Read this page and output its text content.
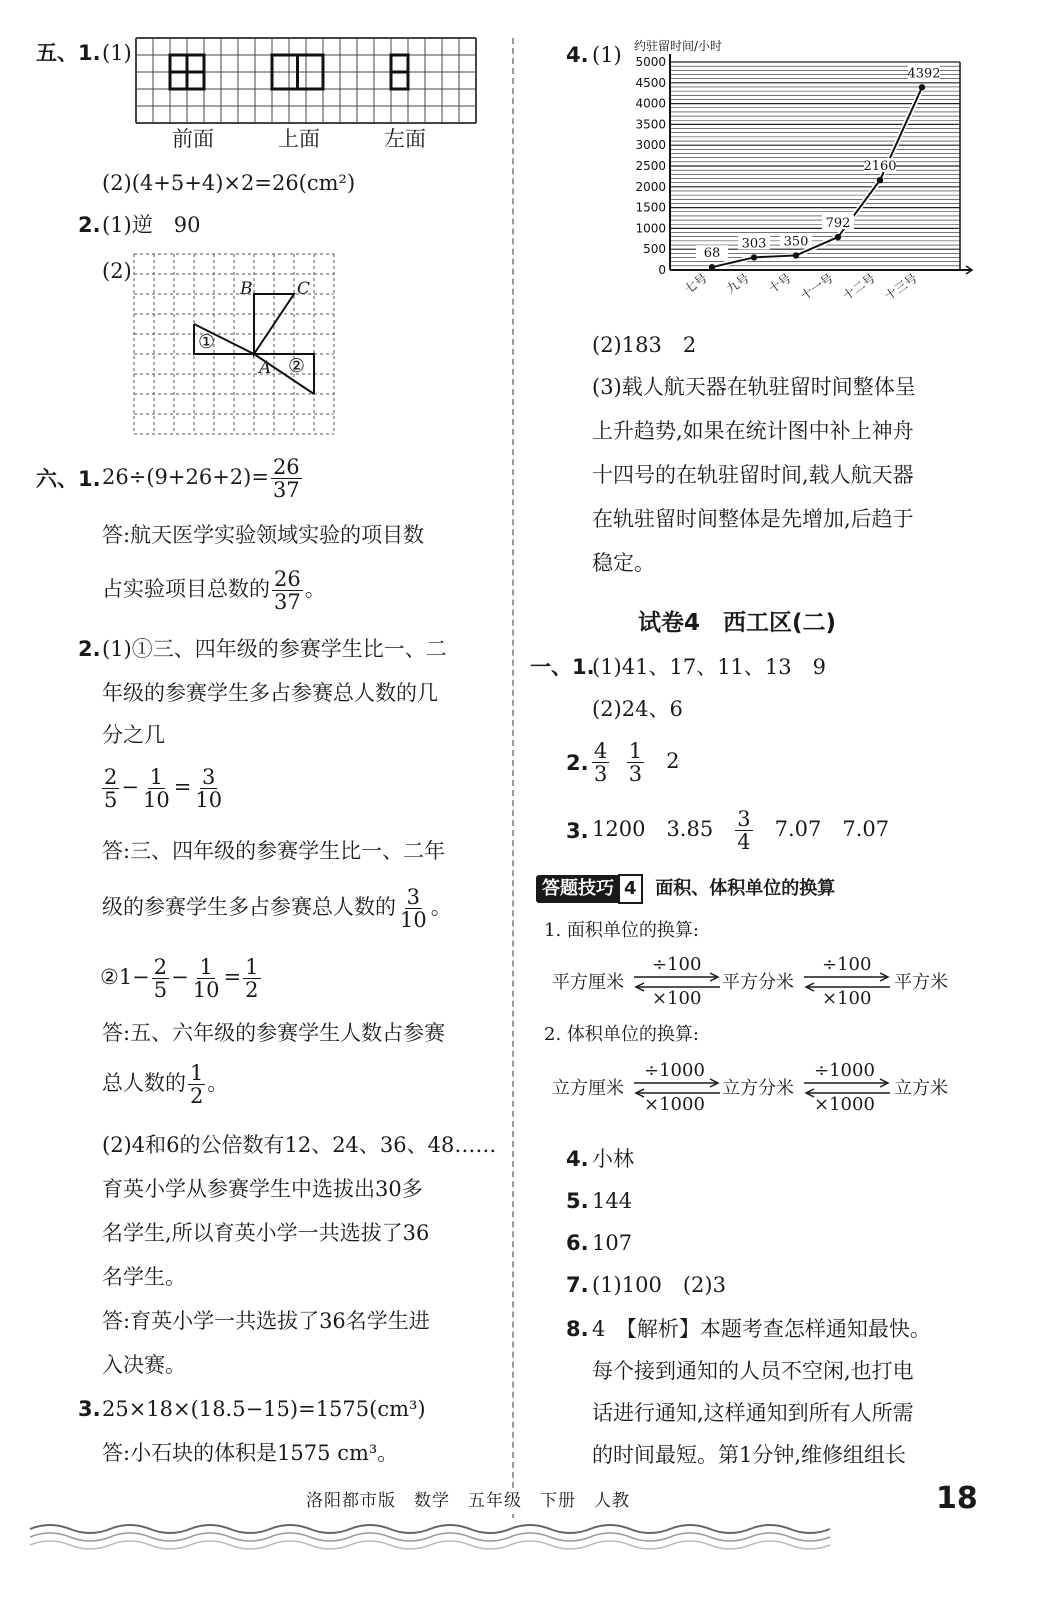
五、1. (1)
前面	上面	左面
(2)(4+5+4)×2=26(cm²)
2. (1)逆　90
(2)
B	C
A
①
②
六、1. $26\div(9+26+2)= \frac{26}{37}$
答:航天医学实验领域实验的项目数
占实验项目总数的 $\frac{26}{37}$ 。
2. (1)①三、四年级的参赛学生比一、二
年级的参赛学生多占参赛总人数的几
分之几
$\frac{2}{5} - \frac{1}{10} = \frac{3}{10}$
答:三、四年级的参赛学生比一、二年
级的参赛学生多占参赛总人数的 $\frac{3}{10}$ 。
②1− $\frac{2}{5} - \frac{1}{10} = \frac{1}{2}$
答:五、六年级的参赛学生人数占参赛
总人数的 $\frac{1}{2}$ 。
(2)4和6的公倍数有12、24、36、48……
育英小学从参赛学生中选拔出30多
名学生,所以育英小学一共选拔了36
名学生。
答:育英小学一共选拔了36名学生进
入决赛。
3. 25×18×(18.5−15)=1575(cm³)
答:小石块的体积是1575 cm³。
4. (1) 约驻留时间/小时
0
500
1000
1500
2000
2500
3000
3500
4000
4500
5000
68
303 350
792
2160
4392
七号 九号 十号 十一号 十二号 十三号
(2)183　2
(3)载人航天器在轨驻留时间整体呈
上升趋势,如果在统计图中补上神舟
十四号的在轨驻留时间,载人航天器
在轨驻留时间整体是先增加,后趋于
稳定。
试卷4　西工区(二)
一、1.
(1)41、17、11、13　9
(2)24、6
2. $\frac{4}{3}$
$\frac{1}{3} 2$
3. 1200　$3.85 \frac{3}{4} 7.07$　7.07
答题技巧 4 面积、体积单位的换算
1. 面积单位的换算:
平方厘米	平方分米	平方米
÷100
×100
÷100
×100
2. 体积单位的换算:
立方厘米	立方分米	立方米
÷1000
×1000
÷1000
×1000
4. 小林
5. 144
6. 107
7. (1)100　(2)3
8. 4　【解析】本题考查怎样通知最快。
每个接到通知的人员不空闲,也打电
话进行通知,这样通知到所有人所需
的时间最短。第1分钟,维修组组长
洛阳都市版　数学　五年级　下册　人教	18
